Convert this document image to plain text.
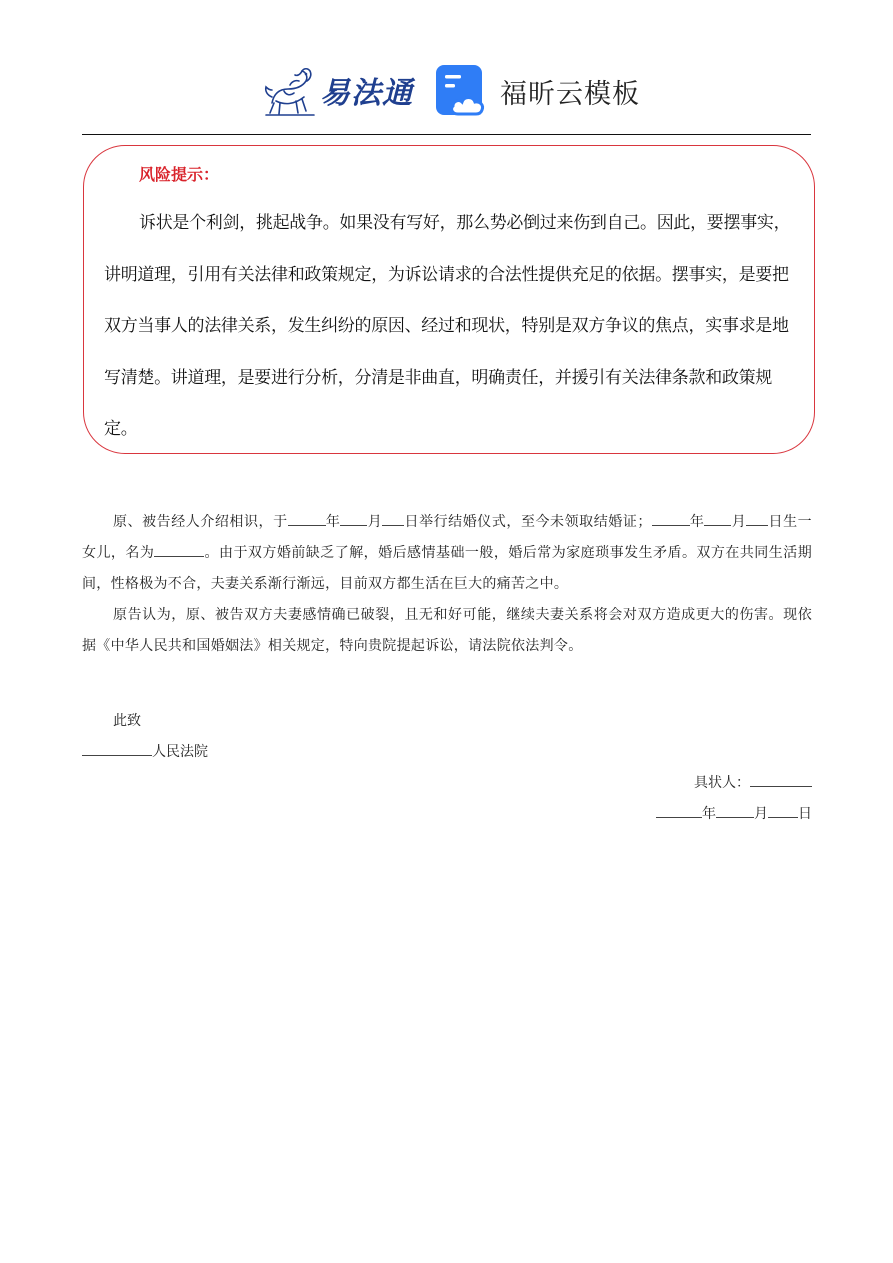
易法通	福昕云模板
风险提示：

诉状是个利剑，挑起战争。如果没有写好，那么势必倒过来伤到自己。因此，要摆事实，讲明道理，引用有关法律和政策规定，为诉讼请求的合法性提供充足的依据。摆事实，是要把双方当事人的法律关系，发生纠纷的原因、经过和现状，特别是双方争议的焦点，实事求是地写清楚。讲道理，是要进行分析，分清是非曲直，明确责任，并援引有关法律条款和政策规定。

原、被告经人介绍相识，于	年 月 日举行结婚仪式，至今未领取结婚证；	年 月 日生一女儿，名为	。由于双方婚前缺乏了解，婚后感情基础一般，婚后常为家庭琐事发生矛盾。双方在共同生活期间，性格极为不合，夫妻关系渐行渐远，目前双方都生活在巨大的痛苦之中。

原告认为，原、被告双方夫妻感情确已破裂，且无和好可能，继续夫妻关系将会对双方造成更大的伤害。现依据《中华人民共和国婚姻法》相关规定，特向贵院提起诉讼，请法院依法判令。

此致
人民法院
具状人：
年	月 日
